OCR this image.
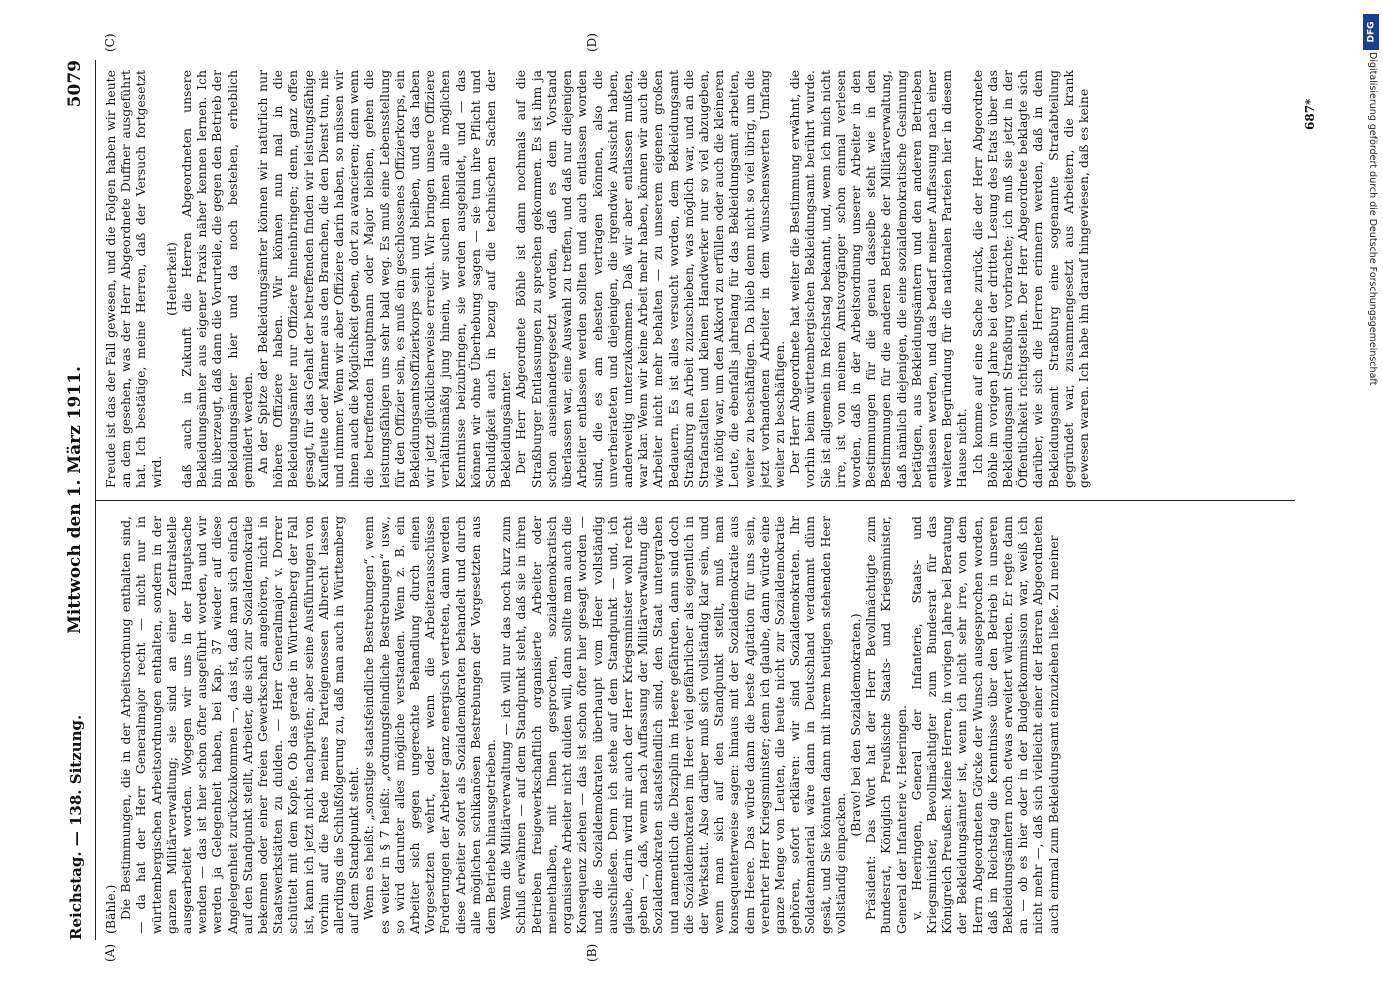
Reichstag. — 138. Sitzung.
Mittwoch den 1. März 1911.
5079
(A)	(B)
(C)	(D)

(Bähle.) Die Bestimmungen, die in der Arbeitsordnung enthalten sind, — da hat der Herr Generalmajor recht — nicht nur in württembergischen Arbeitsordnungen enthalten, sondern in der ganzen Militärverwaltung; sie sind an einer Zentralstelle ausgearbeitet worden. Wogegen wir uns in der Hauptsache wenden — das ist hier schon öfter ausgeführt worden, und wir werden ja Gelegenheit haben, bei Kap. 37 wieder auf diese Angelegenheit zurückzukommen —, das ist, daß man sich einfach auf den Standpunkt stellt, Arbeiter, die sich zur Sozialdemokratie bekennen oder einer freien Gewerkschaft angehören, nicht in Staatswerkstätten zu dulden. — Herr Generalmajor v. Dorrer schüttelt mit dem Kopfe. Ob das gerade in Württemberg der Fall ist, kann ich jetzt nicht nachprüfen; aber seine Ausführungen von vorhin auf die Rede meines Parteigenossen Albrecht lassen allerdings die Schlußfolgerung zu, daß man auch in Württemberg auf dem Standpunkt steht. Wenn es heißt: „sonstige staatsfeindliche Bestrebungen“, wenn es weiter in § 7 heißt: „ordnungsfeindliche Bestrebungen“ usw., so wird darunter alles mögliche verstanden. Wenn z. B. ein Arbeiter sich gegen ungerechte Behandlung durch einen Vorgesetzten wehrt, oder wenn die Arbeiterausschüsse Forderungen der Arbeiter ganz energisch vertreten, dann werden diese Arbeiter sofort als Sozialdemokraten behandelt und durch alle möglichen schikanösen Bestrebungen der Vorgesetzten aus dem Betriebe hinausgetrieben. Wenn die Militärverwaltung — ich will nur das noch kurz zum Schluß erwähnen — auf dem Standpunkt steht, daß sie in ihren Betrieben freigewerkschaftlich organisierte Arbeiter oder meinethalben, mit Ihnen gesprochen, sozialdemokratisch organisierte Arbeiter nicht dulden will, dann sollte man auch die Konsequenz ziehen — das ist schon öfter hier gesagt worden — und die Sozialdemokraten überhaupt vom Heer vollständig ausschließen. Denn ich stehe auf dem Standpunkt — und, ich glaube, darin wird mir auch der Herr Kriegsminister wohl recht geben —, daß, wenn nach Auffassung der Militärverwaltung die Sozialdemokraten staatsfeindlich sind, den Staat untergraben und namentlich die Disziplin im Heere gefährden, dann sind doch die Sozialdemokraten im Heer viel gefährlicher als eigentlich in der Werkstatt. Also darüber muß sich vollständig klar sein, und wenn man sich auf den Standpunkt stellt, muß man konsequenterweise sagen: hinaus mit der Sozialdemokratie aus dem Heere. Das würde dann die beste Agitation für uns sein, verehrter Herr Kriegsminister; denn ich glaube, dann würde eine ganze Menge von Leuten, die heute nicht zur Sozialdemokratie gehören, sofort erklären: wir sind Sozialdemokraten. Ihr Soldatenmaterial wäre dann in Deutschland verdammt dünn gesät, und Sie könnten dann mit ihrem heutigen stehenden Heer vollständig einpacken.

(Bravo! bei den Sozialdemokraten.) Präsident: Das Wort hat der Herr Bevollmächtigte zum Bundesrat, Königlich Preußische Staats- und Kriegsminister, General der Infanterie v. Heeringen. v. Heeringen, General der Infanterie, Staats- und Kriegsminister, Bevollmächtigter zum Bundesrat für das Königreich Preußen: Meine Herren, in vorigen Jahre bei Beratung der Bekleidungsämter ist, wenn ich nicht sehr irre, von dem Herrn Abgeordneten Görcke der Wunsch ausgesprochen worden, daß im Reichstag die Kenntnisse über den Betrieb in unseren Bekleidungsämtern noch etwas erweitert würden. Er regte dann an — ob es hier oder in der Budgetkommission war, weiß ich nicht mehr —, daß sich vielleicht einer der Herren Abgeordneten auch einmal zum Bekleidungsamt einzuziehen ließe. Zu meiner

Freude ist das der Fall gewesen, und die Folgen haben wir heute an dem gesehen, was der Herr Abgeordnete Duffner ausgeführt hat. Ich bestätige, meine Herren, daß der Versuch fortgesetzt wird.

(Heiterkeit) daß auch in Zukunft die Herren Abgeordneten unsere Bekleidungsämter aus eigener Praxis näher kennen lernen. Ich bin überzeugt, daß dann die Vorurteile, die gegen den Betrieb der Bekleidungsämter hier und da noch bestehen, erheblich gemildert werden. An der Spitze der Bekleidungsämter können wir natürlich nur höhere Offiziere haben. Wir können nun mal in die Bekleidungsämter nur Offiziere hineinbringen; denn, ganz offen gesagt, für das Gehalt der betreffenden finden wir leistungsfähige Kaufleute oder Männer aus den Branchen, die den Dienst tun, nie und nimmer. Wenn wir aber Offiziere darin haben, so müssen wir ihnen auch die Möglichkeit geben, dort zu avancieren; denn wenn die betreffenden Hauptmann oder Major bleiben, gehen die leistungsfähigen uns sehr bald weg. Es muß eine Lebensstellung für den Offizier sein, es muß ein geschlossenes Offizierkorps, ein Bekleidungsamtsoffizierkorps sein und bleiben, und das haben wir jetzt glücklicherweise erreicht. Wir bringen unsere Offiziere verhältnismäßig jung hinein, wir suchen ihnen alle möglichen Kenntnisse beizubringen, sie werden ausgebildet, und — das können wir ohne Überhebung sagen — sie tun ihre Pflicht und Schuldigkeit auch in bezug auf die technischen Sachen der Bekleidungsämter. Der Herr Abgeordnete Böhle ist dann nochmals auf die Straßburger Entlassungen zu sprechen gekommen. Es ist ihm ja schon auseinandergesetzt worden, daß es dem Vorstand überlassen war, eine Auswahl zu treffen, und daß nur diejenigen Arbeiter entlassen werden sollten und auch entlassen worden sind, die es am ehesten vertragen können, also die unverheirateten und diejenigen, die irgendwie Aussicht haben, anderweitig unterzukommen. Daß wir aber entlassen mußten, war klar. Wenn wir keine Arbeit mehr haben, können wir auch die Arbeiter nicht mehr behalten — zu unserem eigenen großen Bedauern. Es ist alles versucht worden, dem Bekleidungsamt Straßburg an Arbeit zuzuschieben, was möglich war, und an die Strafanstalten und kleinen Handwerker nur so viel abzugeben, wie nötig war, um den Akkord zu erfüllen oder auch die kleineren Leute, die ebenfalls jahrelang für das Bekleidungsamt arbeiten, weiter zu beschäftigen. Da blieb denn nicht so viel übrig, um die jetzt vorhandenen Arbeiter in dem wünschenswerten Umfang weiter zu beschäftigen. Der Herr Abgeordnete hat weiter die Bestimmung erwähnt, die vorhin beim württembergischen Bekleidungsamt berührt wurde. Sie ist allgemein im Reichstag bekannt, und, wenn ich mich nicht irre, ist von meinem Amtsvorgänger schon einmal verlesen worden, daß in der Arbeitsordnung unserer Arbeiter in den Bestimmungen für die genau dasselbe steht wie in den Bestimmungen für die anderen Betriebe der Militärverwaltung, daß nämlich diejenigen, die eine sozialdemokratische Gesinnung betätigen, aus Bekleidungsämtern und den anderen Betrieben entlassen werden, und das bedarf meiner Auffassung nach einer weiteren Begründung für die nationalen Parteien hier in diesem Hause nicht. Ich komme auf eine Sache zurück, die der Herr Abgeordnete Böhle im vorigen Jahre bei der dritten Lesung des Etats über das Bekleidungsamt Straßburg vorbrachte; ich muß sie jetzt in der Öffentlichkeit richtigstellen. Der Herr Abgeordnete beklagte sich darüber, wie sich die Herren erinnern werden, daß in dem Bekleidungsamt Straßburg eine sogenannte Strafabteilung gegründet war, zusammengesetzt aus Arbeitern, die krank gewesen waren. Ich habe ihn darauf hingewiesen, daß es keine	687*
DFG
Digitalisierung gefördert durch die Deutsche Forschungsgemeinschaft
